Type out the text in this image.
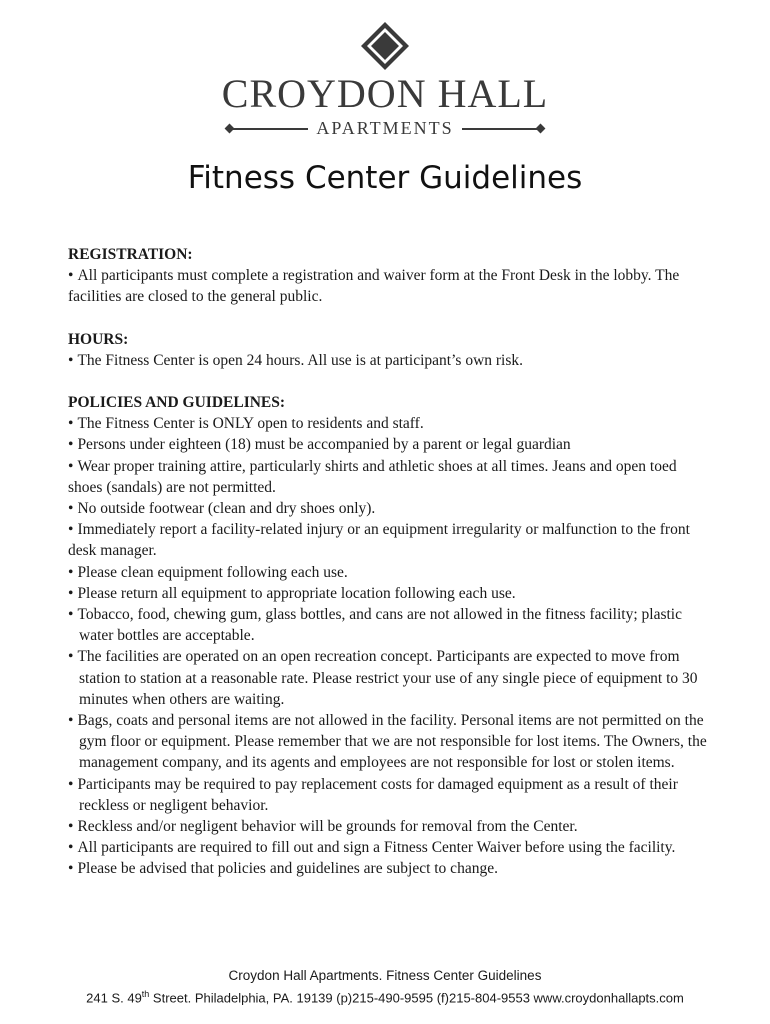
CROYDON HALL
APARTMENTS
Fitness Center Guidelines
REGISTRATION:

• All participants must complete a registration and waiver form at the Front Desk in the lobby. The facilities are closed to the general public.

HOURS:

• The Fitness Center is open 24 hours. All use is at participant’s own risk.

POLICIES AND GUIDELINES:

• The Fitness Center is ONLY open to residents and staff.

• Persons under eighteen (18) must be accompanied by a parent or legal guardian

• Wear proper training attire, particularly shirts and athletic shoes at all times. Jeans and open toed shoes (sandals) are not permitted.

• No outside footwear (clean and dry shoes only).

• Immediately report a facility-related injury or an equipment irregularity or malfunction to the front desk manager.

• Please clean equipment following each use.

• Please return all equipment to appropriate location following each use.

• Tobacco, food, chewing gum, glass bottles, and cans are not allowed in the fitness facility; plastic water bottles are acceptable.

• The facilities are operated on an open recreation concept. Participants are expected to move from station to station at a reasonable rate. Please restrict your use of any single piece of equipment to 30 minutes when others are waiting.

• Bags, coats and personal items are not allowed in the facility. Personal items are not permitted on the gym floor or equipment. Please remember that we are not responsible for lost items. The Owners, the management company, and its agents and employees are not responsible for lost or stolen items.

• Participants may be required to pay replacement costs for damaged equipment as a result of their reckless or negligent behavior.

• Reckless and/or negligent behavior will be grounds for removal from the Center.

• All participants are required to fill out and sign a Fitness Center Waiver before using the facility.

• Please be advised that policies and guidelines are subject to change.

Croydon Hall Apartments. Fitness Center Guidelines
241 S. 49th Street. Philadelphia, PA. 19139 (p)215-490-9595 (f)215-804-9553 www.croydonhallapts.com
